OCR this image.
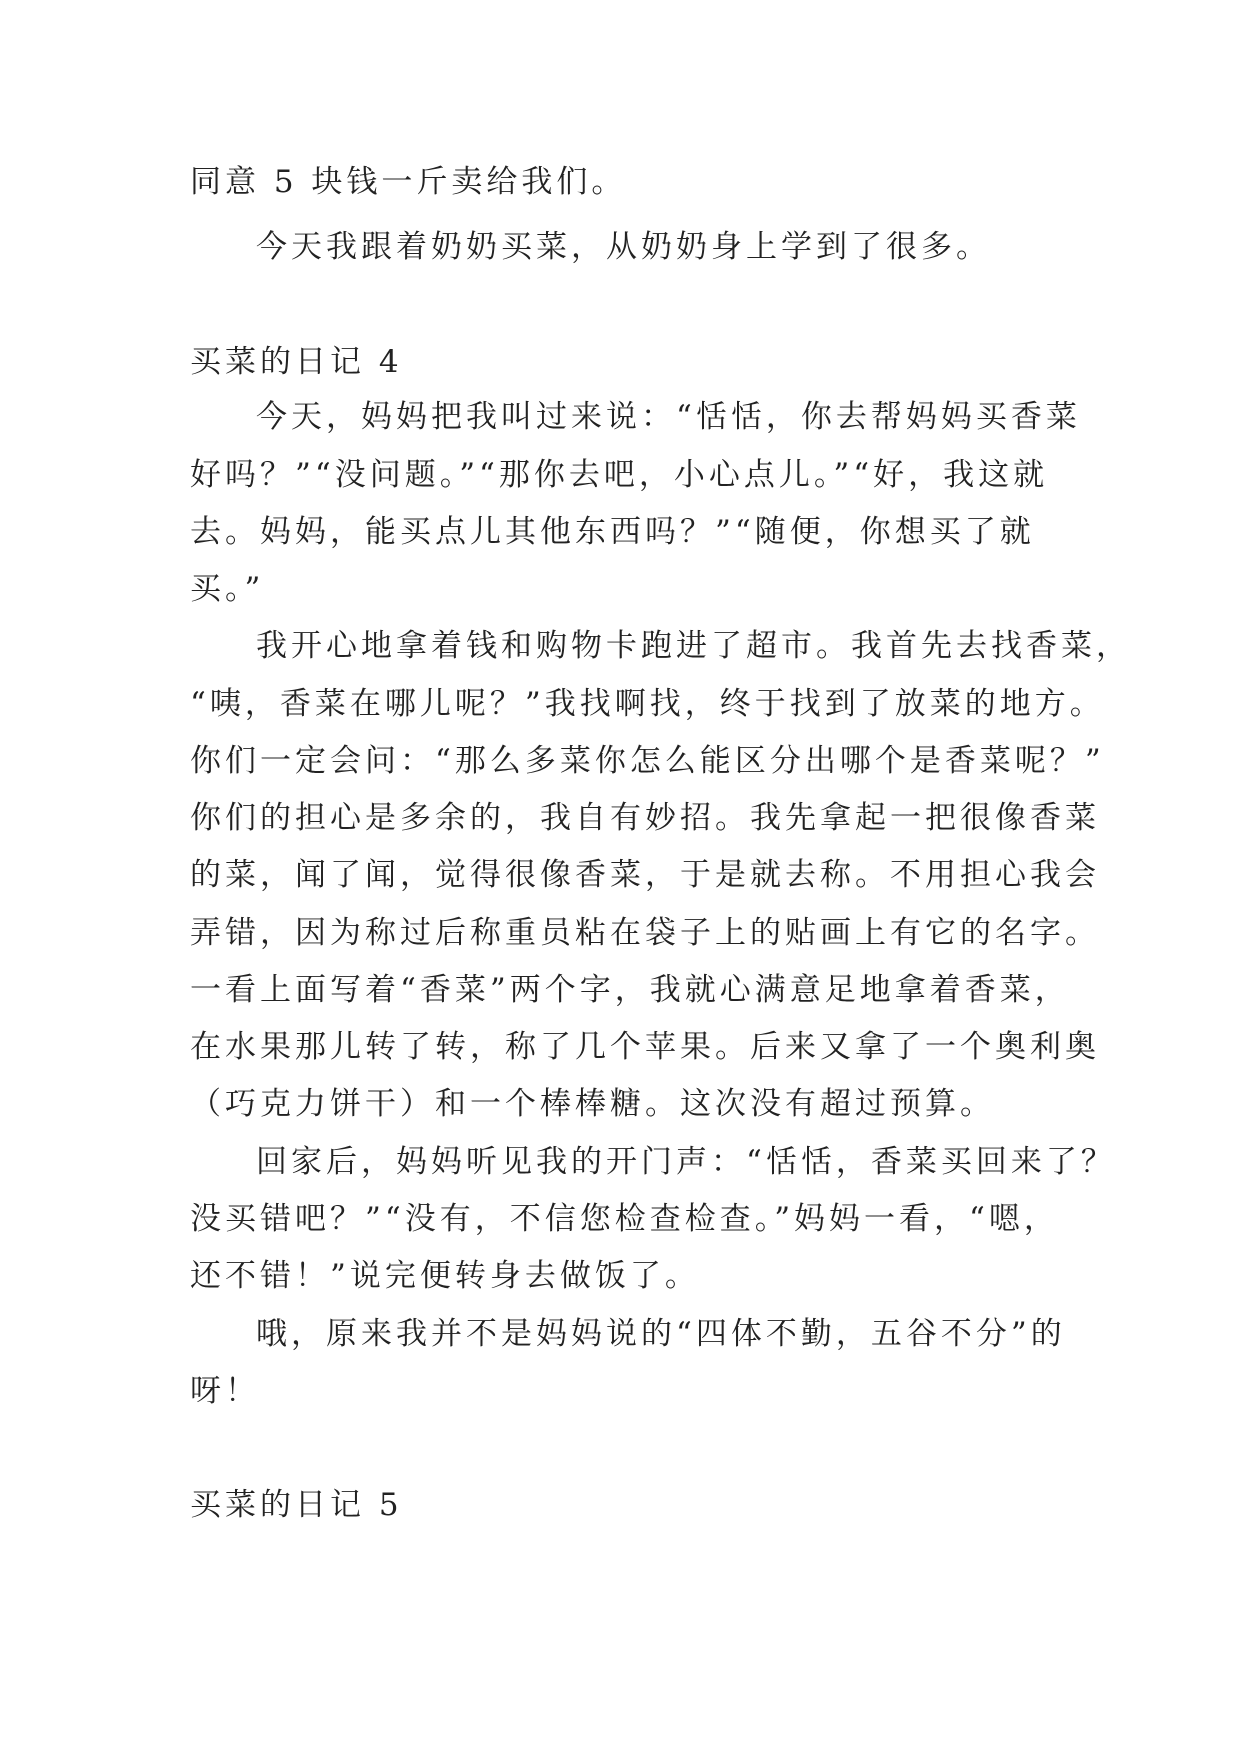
同意 5 块钱一斤卖给我们。
今天我跟着奶奶买菜，从奶奶身上学到了很多。
买菜的日记 4
今天，妈妈把我叫过来说：“恬恬，你去帮妈妈买香菜
好吗？”“没问题。”“那你去吧，小心点儿。”“好，我这就
去。妈妈，能买点儿其他东西吗？”“随便，你想买了就
买。”
我开心地拿着钱和购物卡跑进了超市。我首先去找香菜，
“咦，香菜在哪儿呢？”我找啊找，终于找到了放菜的地方。
你们一定会问：“那么多菜你怎么能区分出哪个是香菜呢？”
你们的担心是多余的，我自有妙招。我先拿起一把很像香菜
的菜，闻了闻，觉得很像香菜，于是就去称。不用担心我会
弄错，因为称过后称重员粘在袋子上的贴画上有它的名字。
一看上面写着“香菜”两个字，我就心满意足地拿着香菜，
在水果那儿转了转，称了几个苹果。后来又拿了一个奥利奥
（巧克力饼干）和一个棒棒糖。这次没有超过预算。
回家后，妈妈听见我的开门声：“恬恬，香菜买回来了？
没买错吧？”“没有，不信您检查检查。”妈妈一看，“嗯，
还不错！”说完便转身去做饭了。
哦，原来我并不是妈妈说的“四体不勤，五谷不分”的
呀！
买菜的日记 5
